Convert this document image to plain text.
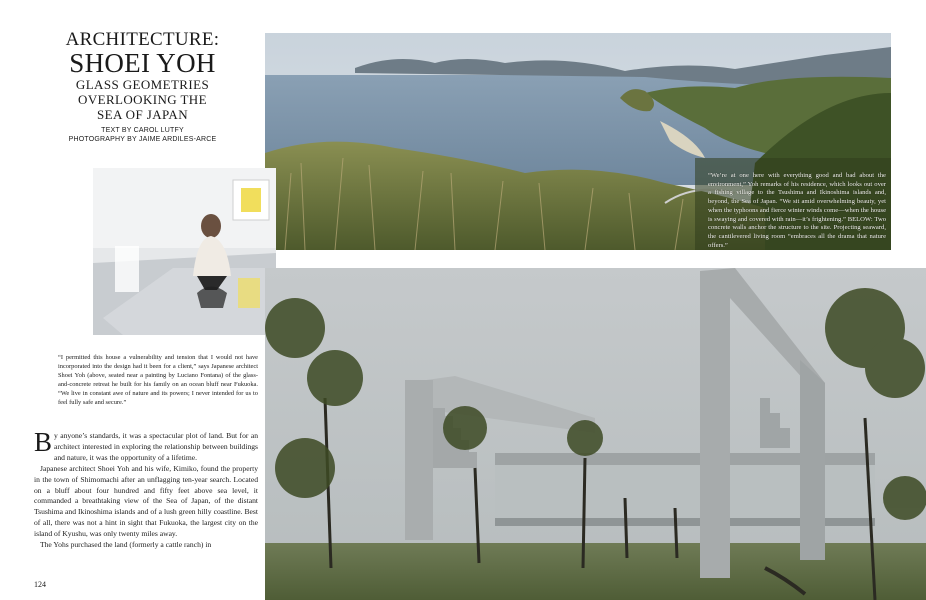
ARCHITECTURE:
SHOEI YOH
GLASS GEOMETRIES
OVERLOOKING THE
SEA OF JAPAN
TEXT BY CAROL LUTFY
PHOTOGRAPHY BY JAIME ARDILES-ARCE
“We’re at one here with everything good and bad about the environment,” Yoh remarks of his residence, which looks out over a fishing village to the Tsushima and Ikinoshima islands and, beyond, the Sea of Japan. “We sit amid overwhelming beauty, yet when the typhoons and fierce winter winds come—when the house is swaying and covered with rain—it’s frightening.” BELOW: Two concrete walls anchor the structure to the site. Projecting seaward, the cantilevered living room “embraces all the drama that nature offers.”
“I permitted this house a vulnerability and tension that I would not have incorporated into the design had it been for a client,” says Japanese architect Shoei Yoh (above, seated near a painting by Luciano Fontana) of the glass-and-concrete retreat he built for his family on an ocean bluff near Fukuoka. “We live in constant awe of nature and its powers; I never intended for us to feel fully safe and secure.”

By anyone’s standards, it was a spectacular plot of land. But for an architect interested in exploring the relationship between buildings and nature, it was the opportunity of a lifetime.

Japanese architect Shoei Yoh and his wife, Kimiko, found the property in the town of Shimomachi after an unflagging ten-year search. Located on a bluff about four hundred and fifty feet above sea level, it commanded a breathtaking view of the Sea of Japan, of the distant Tsushima and Ikinoshima islands and of a lush green hilly coastline. Best of all, there was not a hint in sight that Fukuoka, the largest city on the island of Kyushu, was only twenty miles away.

The Yohs purchased the land (formerly a cattle ranch) in

124
